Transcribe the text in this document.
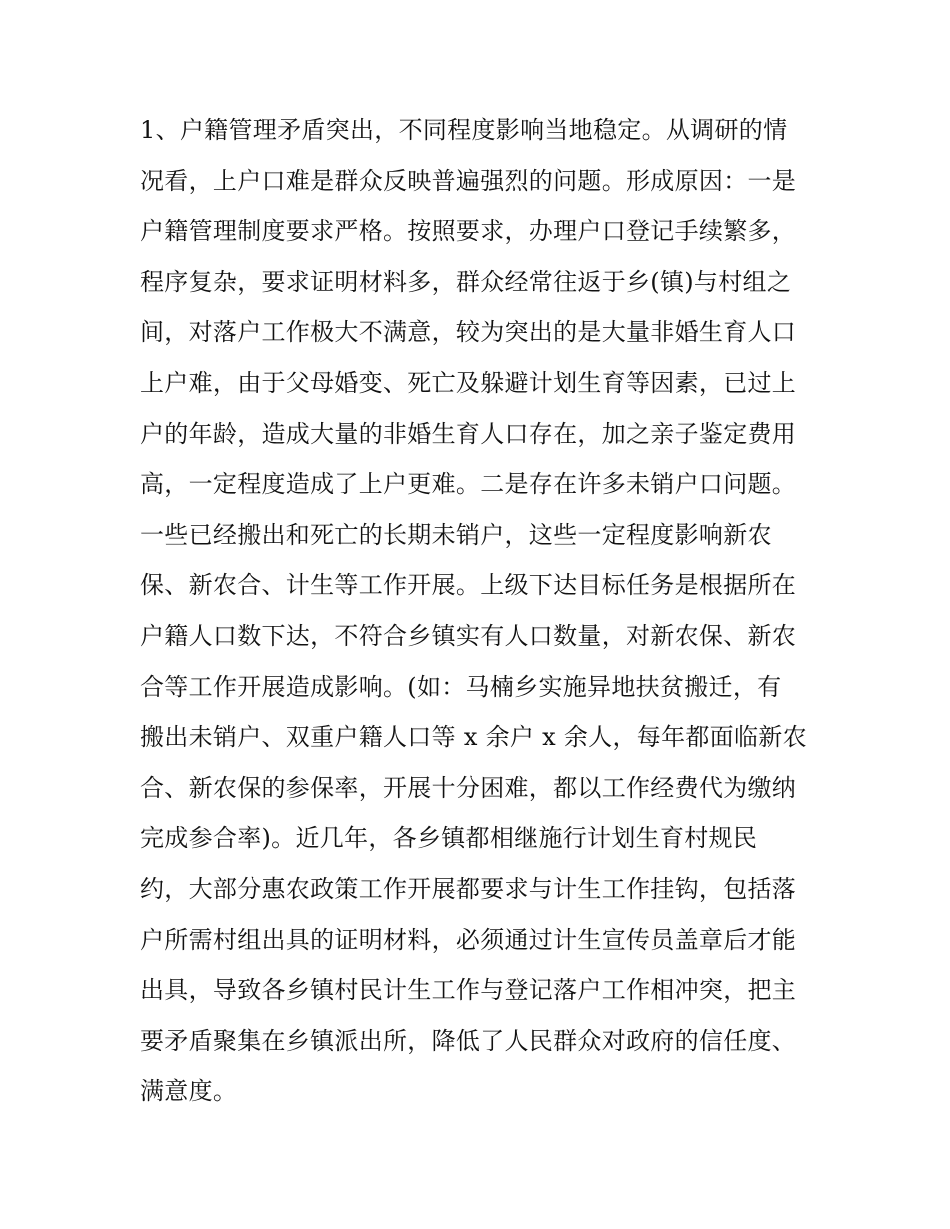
1、户籍管理矛盾突出，不同程度影响当地稳定。从调研的情
况看，上户口难是群众反映普遍强烈的问题。形成原因：一是
户籍管理制度要求严格。按照要求，办理户口登记手续繁多，
程序复杂，要求证明材料多，群众经常往返于乡(镇)与村组之
间，对落户工作极大不满意，较为突出的是大量非婚生育人口
上户难，由于父母婚变、死亡及躲避计划生育等因素，已过上
户的年龄，造成大量的非婚生育人口存在，加之亲子鉴定费用
高，一定程度造成了上户更难。二是存在许多未销户口问题。
一些已经搬出和死亡的长期未销户，这些一定程度影响新农
保、新农合、计生等工作开展。上级下达目标任务是根据所在
户籍人口数下达，不符合乡镇实有人口数量，对新农保、新农
合等工作开展造成影响。(如：马楠乡实施异地扶贫搬迁，有
搬出未销户、双重户籍人口等 x 余户 x 余人，每年都面临新农
合、新农保的参保率，开展十分困难，都以工作经费代为缴纳
完成参合率)。近几年，各乡镇都相继施行计划生育村规民
约，大部分惠农政策工作开展都要求与计生工作挂钩，包括落
户所需村组出具的证明材料，必须通过计生宣传员盖章后才能
出具，导致各乡镇村民计生工作与登记落户工作相冲突，把主
要矛盾聚集在乡镇派出所，降低了人民群众对政府的信任度、
满意度。
